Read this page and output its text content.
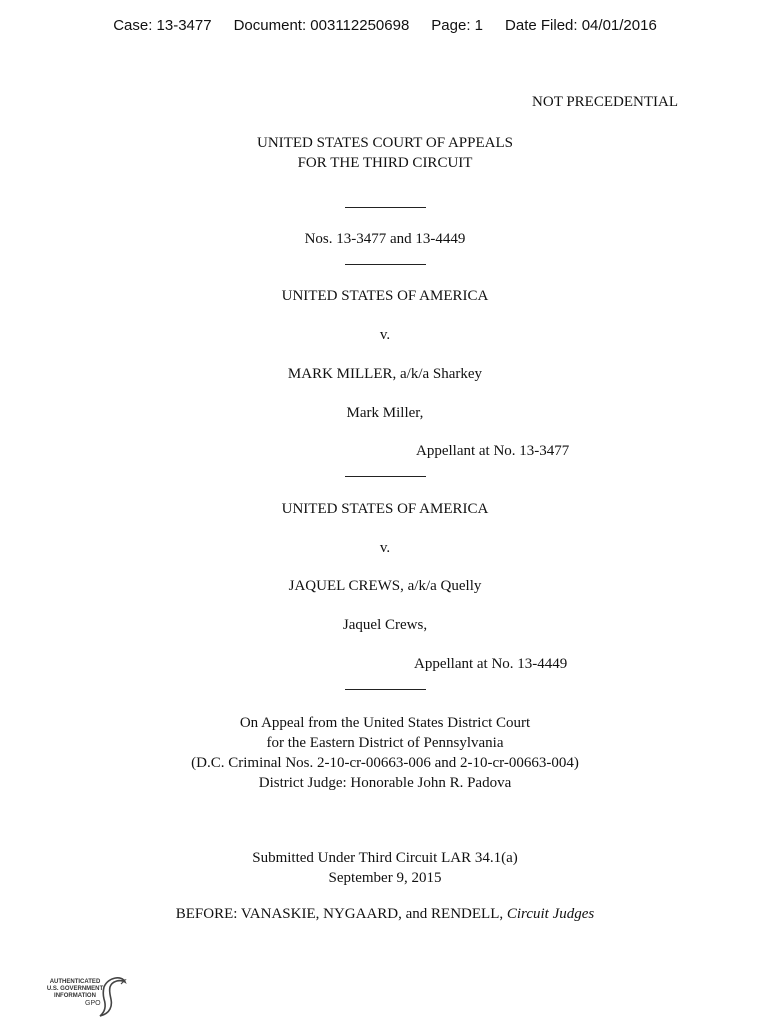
Case: 13-3477 Document: 003112250698 Page: 1 Date Filed: 04/01/2016
NOT PRECEDENTIAL
UNITED STATES COURT OF APPEALS
FOR THE THIRD CIRCUIT
Nos. 13-3477 and 13-4449
UNITED STATES OF AMERICA
v.
MARK MILLER, a/k/a Sharkey
Mark Miller,
Appellant at No. 13-3477
UNITED STATES OF AMERICA
v.
JAQUEL CREWS, a/k/a Quelly
Jaquel Crews,
Appellant at No. 13-4449
On Appeal from the United States District Court
for the Eastern District of Pennsylvania
(D.C. Criminal Nos. 2-10-cr-00663-006 and 2-10-cr-00663-004)
District Judge: Honorable John R. Padova
Submitted Under Third Circuit LAR 34.1(a)
September 9, 2015
BEFORE: VANASKIE, NYGAARD, and RENDELL, Circuit Judges
AUTHENTICATED
U.S. GOVERNMENT
INFORMATION
GPO
